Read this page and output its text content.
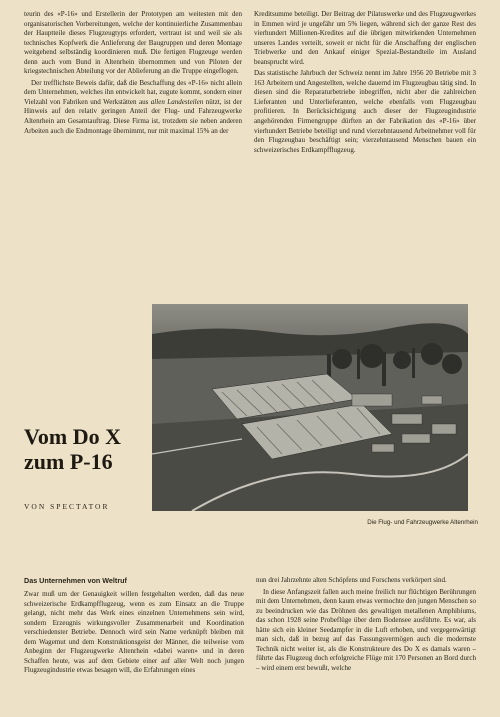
teurin des «P-16» und Erstellerin der Prototypen am weitesten mit den organisatorischen Vorbereitungen, welche der kontinuierliche Zusammenbau der Hauptteile dieses Flugzeugtyps erfordert, vertraut ist und weil sie als technisches Kopfwerk die Anlieferung der Baugruppen und deren Montage weitgehend selbständig koordinieren muß. Die fertigen Flugzeuge werden denn auch vom Bund in Altenrhein übernommen und von Piloten der kriegstechnischen Abteilung vor der Ablieferung an die Truppe eingeflogen.

Der trefflichste Beweis dafür, daß die Beschaffung des «P-16» nicht allein dem Unternehmen, welches ihn entwickelt hat, zugute kommt, sondern einer Vielzahl von Fabriken und Werkstätten aus allen Landesteilen nützt, ist der Hinweis auf den relativ geringen Anteil der Flug- und Fahrzeugwerke Altenrhein am Gesamtauftrag. Diese Firma ist, trotzdem sie neben anderen Arbeiten auch die Endmontage übernimmt, nur mit maximal 15% an der

Kreditsumme beteiligt. Der Beitrag der Pilatuswerke und des Flugzeugwerkes in Emmen wird je ungefähr um 5% liegen, während sich der ganze Rest des vierhundert Millionen-Kredites auf die übrigen mitwirkenden Unternehmen unseres Landes verteilt, soweit er nicht für die Anschaffung der englischen Triebwerke und den Ankauf einiger Spezial-Bestandteile im Ausland beansprucht wird.

Das statistische Jahrbuch der Schweiz nennt im Jahre 1956 20 Betriebe mit 3 163 Arbeitern und Angestellten, welche dauernd im Flugzeugbau tätig sind. In diesen sind die Reparaturbetriebe inbegriffen, nicht aber die zahlreichen Lieferanten und Unterlieferanten, welche ebenfalls vom Flugzeugbau profitieren. In Berücksichtigung auch dieser der Flugzeugindustrie angehörenden Firmengruppe dürften an der Fabrikation des «P-16» über vierhundert Betriebe beteiligt und rund vierzehntausend Arbeitnehmer voll für den Flugzeugbau beschäftigt sein; vierzehntausend Menschen bauen ein schweizerisches Erdkampfflugzeug.

Die Flug- und Fahrzeugwerke Altenrhein
Vom Do X
zum P-16
VON SPECTATOR
Das Unternehmen von Weltruf

Zwar muß um der Genauigkeit willen festgehalten werden, daß das neue schweizerische Erdkampfflugzeug, wenn es zum Einsatz an die Truppe gelangt, nicht mehr das Werk eines einzelnen Unternehmens sein wird, sondern Erzeugnis wirkungsvoller Zusammenarbeit und Koordination verschiedenster Betriebe. Dennoch wird sein Name verknüpft bleiben mit dem Wagemut und dem Konstruktionsgeist der Männer, die teilweise vom Anbeginn der Flugzeugwerke Altenrhein «dabei waren» und in deren Schaffen heute, was auf dem Gebiete einer auf aller Welt noch jungen Flugzeugindustrie etwas besagen will, die Erfahrungen eines

nun drei Jahrzehnte alten Schöpfens und Forschens verkörpert sind.

In diese Anfangszeit fallen auch meine freilich nur flüchtigen Berührungen mit dem Unternehmen, denn kaum etwas vermochte den jungen Menschen so zu beeindrucken wie das Dröhnen des gewaltigen metallenen Amphibiums, das schon 1928 seine Probeflüge über dem Bodensee ausführte. Es war, als hätte sich ein kleiner Seedampfer in die Luft erhoben, und vergegenwärtigt man sich, daß in bezug auf das Fassungsvermögen auch die modernste Technik nicht weiter ist, als die Konstrukteure des Do X es damals waren – führte das Flugzeug doch erfolgreiche Flüge mit 170 Personen an Bord durch – wird einem erst bewußt, welche
